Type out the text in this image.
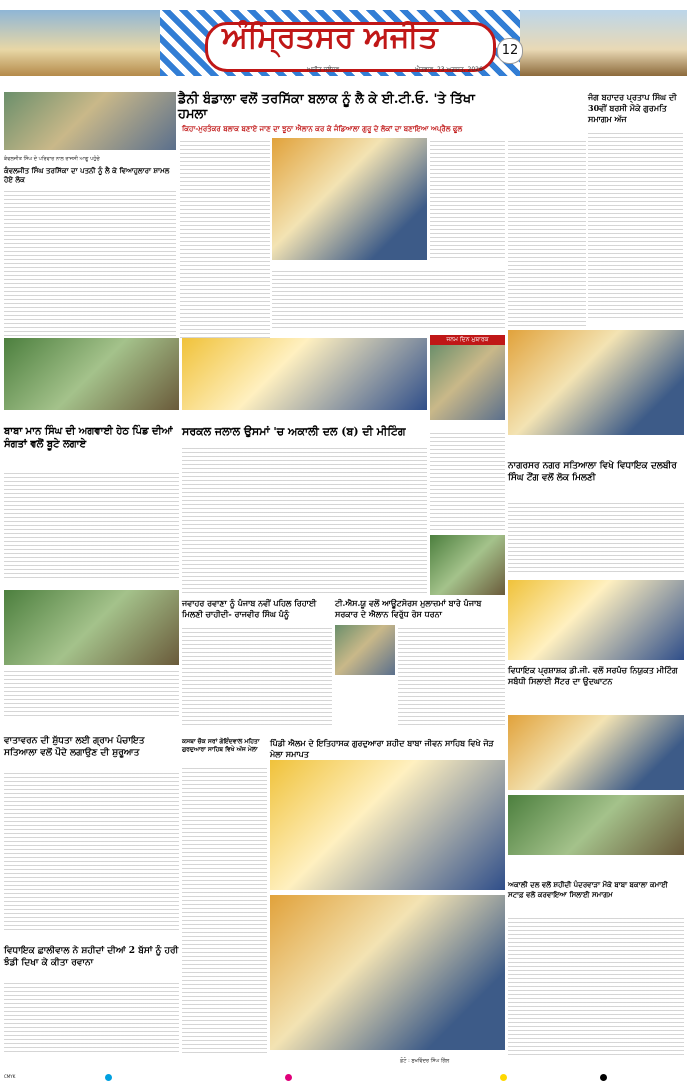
ਅੰਮ੍ਰਿਤਸਰ ਅਜੀਤ	12
ਅਜੀਤ ਜਲੰਧਰ	ਐਤਵਾਰ, 23 ਅਗਸਤ, 2026
ਡੈਨੀ ਬੰਡਾਲਾ ਵਲੋਂ ਤਰਸਿੱਕਾ ਬਲਾਕ ਨੂੰ ਲੈ ਕੇ ਈ.ਟੀ.ਓ. 'ਤੇ ਤਿੱਖਾ ਹਮਲਾ
ਕਿਹਾ-ਮੁਰਤੰਕਰ ਬਲਾਕ ਬਣਾਏ ਜਾਣ ਦਾ ਝੂਠਾ ਐਲਾਨ ਕਰ ਕੇ ਜੰਡਿਆਲਾ ਗੁਰੂ ਦੇ ਲੋਕਾਂ ਦਾ ਬਣਾਇਆ ਅਪ੍ਰੈਲ ਫੂਲ
ਜੰਗ ਬਹਾਦਰ ਪ੍ਰਤਾਪ ਸਿੰਘ ਦੀ 30ਵੀਂ ਬਰਸੀ ਮੌਕੇ ਗੁਰਮਤਿ ਸਮਾਗਮ ਅੱਜ
ਕੰਵਲਜੀਤ ਸਿੰਘ ਤਰਸਿੱਕਾ ਦਾ ਪਤਨੀ ਨੂੰ ਲੈ ਕੇ ਵਿਆਹੁਲਾਰਾ ਸ਼ਾਮਲ ਹੋਏ ਲੋਕ
ਕੰਵਲਜੀਤ ਸਿੰਘ ਦੇ ਪਰਿਵਾਰ ਨਾਲ ਰਾਜਸੀ ਆਗੂ ਪਹੁੰਚੇ
ਜਨਮ ਦਿਨ ਮੁਬਾਰਕ
ਬਾਬਾ ਮਾਨ ਸਿੰਘ ਦੀ ਅਗਵਾਈ ਹੇਠ ਪਿੰਡ ਦੀਆਂ ਸੰਗਤਾਂ ਵਲੋਂ ਬੂਟੇ ਲਗਾਏ
ਸਰਕਲ ਜਲਾਲ ਉਸਮਾਂ 'ਚ ਅਕਾਲੀ ਦਲ (ਬ) ਦੀ ਮੀਟਿੰਗ
ਨਾਗਰਸਰ ਨਗਰ ਸਤਿਆਲਾ ਵਿਖੇ ਵਿਧਾਇਕ ਦਲਬੀਰ ਸਿੰਘ ਟੌਂਗ ਵਲੋਂ ਲੋਕ ਮਿਲਣੀ
ਜਵਾਹਰ ਰਵਾਣਾ ਨੂੰ ਪੰਜਾਬ ਨਵੀਂ ਪਹਿਲ ਰਿਹਾਈ ਮਿਲਣੀ ਚਾਹੀਦੀ- ਰਾਜਵੀਰ ਸਿੰਘ ਪੰਨੂੰ
ਟੀ.ਐਸ.ਯੂ ਵਲੋਂ ਆਊਟਸੋਰਸ ਮੁਲਾਜ਼ਮਾਂ ਬਾਰੇ ਪੰਜਾਬ ਸਰਕਾਰ ਦੇ ਐਲਾਨ ਵਿਰੁੱਧ ਰੋਸ ਧਰਨਾ
ਵਿਧਾਇਕ ਪ੍ਰਸ਼ਾਸ਼ਕ ਡੀ.ਜੀ. ਵਲੋਂ ਸਰਪੰਚ ਨਿਯੁਕਤ ਮੀਟਿੰਗ ਸਬੰਧੀ ਸਿਲਾਈ ਸੈਂਟਰ ਦਾ ਉਦਘਾਟਨ
ਵਾਤਾਵਰਨ ਦੀ ਸ਼ੁੱਧਤਾ ਲਈ ਗ੍ਰਾਮ ਪੰਚਾਇਤ ਸਤਿਆਲਾ ਵਲੋਂ ਪੌਦੇ ਲਗਾਉਣ ਦੀ ਸ਼ੁਰੂਆਤ
ਕਸਬਾ ਚੌਕ ਸਰਾਂ ਗੋਇੰਦਵਾਲ ਮਹਿਤਾ ਗੁਰਦੁਆਰਾ ਸਾਹਿਬ ਵਿਖੇ ਅੱਜ ਮੇਲਾ
ਪਿੰਡੀ ਐਲਮ ਦੇ ਇਤਿਹਾਸਕ ਗੁਰਦੁਆਰਾ ਸ਼ਹੀਦ ਬਾਬਾ ਜੀਵਨ ਸਾਹਿਬ ਵਿਖੇ ਜੋੜ ਮੇਲਾ ਸਮਾਪਤ
ਅਕਾਲੀ ਦਲ ਵਲੋਂ ਸ਼ਹੀਦੀ ਪੰਦਰਵਾੜਾ ਮੌਕੇ ਬਾਬਾ ਬਕਾਲਾ ਕਮਾਈ ਸਟਾਫ਼ ਵਲੋਂ ਕਰਵਾਇਆ ਸਿਲਾਈ ਸਮਾਗਮ
ਵਿਧਾਇਕ ਛਾਲੀਵਾਲ ਨੇ ਸ਼ਹੀਦਾਂ ਦੀਆਂ 2 ਬੱਸਾਂ ਨੂੰ ਹਰੀ ਝੰਡੀ ਦਿਖਾ ਕੇ ਕੀਤਾ ਰਵਾਨਾ
ਫ਼ੋਟੋ : ਸੁਖਵਿੰਦਰ ਸਿੰਘ ਗਿੱਲ
CMYK
